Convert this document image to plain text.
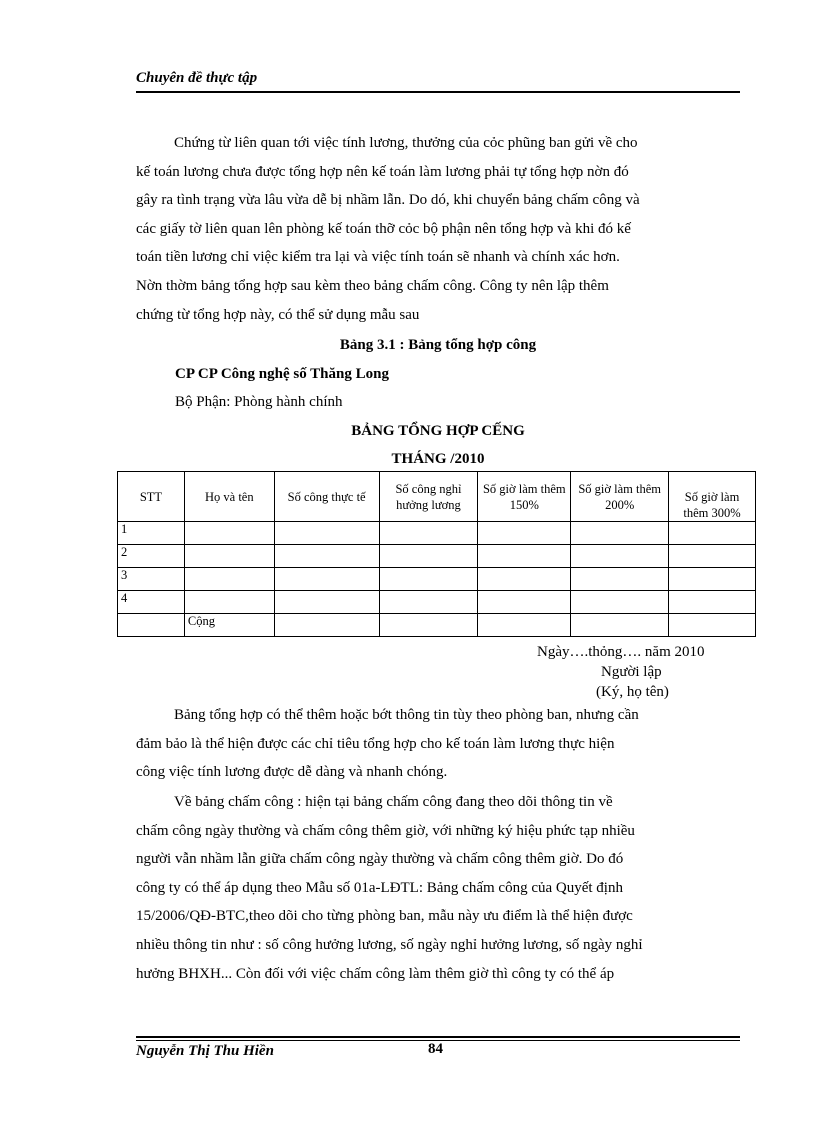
Chuyên đề thực tập
Chứng từ liên quan tới việc tính lương, thưởng của cỏc phũng ban gửi về cho
kế toán lương chưa được tổng hợp nên kế toán làm lương phải tự tổng hợp nờn đó
gây ra tình trạng vừa lâu vừa dễ bị nhầm lẫn. Do dó, khi chuyển bảng chấm công và
các giấy tờ liên quan lên phòng kế toán thỡ cỏc bộ phận nên tổng hợp và khi đó kế
toán tiền lương chỉ việc kiểm tra lại và việc tính toán sẽ nhanh và chính xác hơn.
Nờn thờm bảng tổng hợp sau kèm theo bảng chấm công. Công ty nên lập thêm
chứng từ tổng hợp này, có thể sử dụng mẫu sau
Bảng 3.1 : Bảng tổng hợp công
CP CP Công nghệ số Thăng Long
Bộ Phận: Phòng hành chính
BẢNG TỔNG HỢP CẾNG
THÁNG /2010
STT	Họ và tên	Số công thực tế	Số công nghỉ hưởng lương	Số giờ làm thêm 150%	Số giờ làm thêm 200%	Số giờ làm thêm 300%
1						
2						
3						
4						
	Cộng					
Ngày….thỏng…. năm 2010
Người lập
(Ký, họ tên)
Bảng tổng hợp có thể thêm hoặc bớt thông tin tùy theo phòng ban, nhưng cần
đảm bảo là thể hiện được các chỉ tiêu tổng hợp cho kế toán làm lương thực hiện
công việc tính lương được dễ dàng và nhanh chóng.
Về bảng chấm công : hiện tại bảng chấm công đang theo dõi thông tin về
chấm công ngày thường và chấm công thêm giờ, với những ký hiệu phức tạp nhiều
người vẫn nhầm lẫn giữa chấm công ngày thường và chấm công thêm giờ. Do đó
công ty có thể áp dụng theo Mẫu số 01a-LĐTL: Bảng chấm công của Quyết định
15/2006/QĐ-BTC,theo dõi cho từng phòng ban, mẫu này ưu điểm là thể hiện được
nhiều thông tin như : số công hưởng lương, số ngày nghỉ hưởng lương, số ngày nghỉ
hưởng BHXH... Còn đối với việc chấm công làm thêm giờ thì công ty có thể áp
Nguyễn Thị Thu Hiền	84
